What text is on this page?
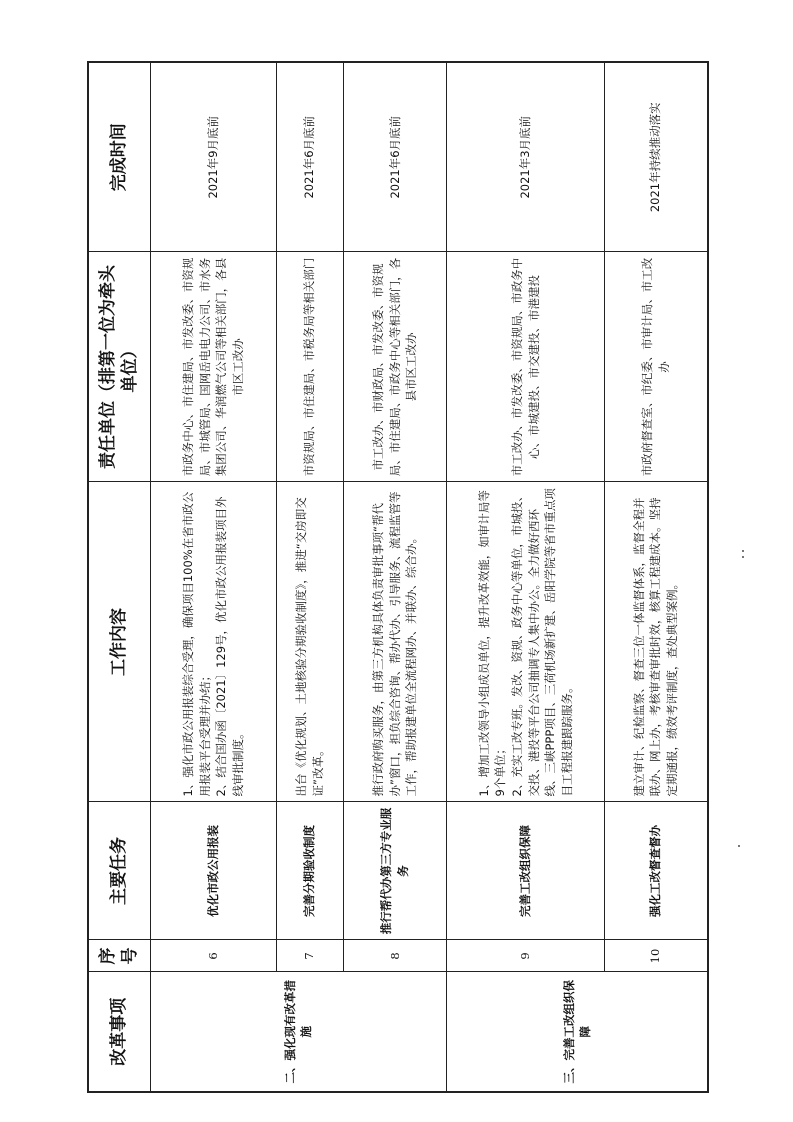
改革事项	序号	主要任务	工作内容	责任单位（排第一位为牵头单位）	完成时间
二、强化现有改革措施	6	优化市政公用报装	1、强化市政公用报装综合受理，确保项目100%在省市政公用报装平台受理并办结； 2、结合国办函〔2021〕129号，优化市政公用报装项目外线审批制度。	市政务中心、市住建局、市发改委、市资规局、市城管局、国网岳电电力公司、市水务集团公司、华润燃气公司等相关部门，各县市区工改办	2021年9月底前
	7	完善分期验收制度	出台《优化规划、土地核验分期验收制度》，推进“交房即交证”改革。	市资规局、市住建局、市税务局等相关部门	2021年6月底前
	8	推行帮代办第三方专业服务	推行政府购买服务，由第三方机构具体负责审批事项“帮代办”窗口，担负综合咨询、帮办代办、引导服务、流程监管等工作，帮助报建单位全流程网办、并联办、综合办。	市工改办、市财政局、市发改委、市资规局、市住建局、市政务中心等相关部门，各县市区工改办	2021年6月底前
三、完善工改组织保障	9	完善工改组织保障	1、增加工改领导小组成员单位，提升改革效能，如审计局等9个单位； 2、充实工改专班。发改、资规、政务中心等单位，市城投、交投、港投等平台公司抽调专人集中办公。全力做好西环线、三峡PPP项目、三荷机场新扩建、岳阳学院等省市重点项目工程报建跟踪服务。	市工改办、市发改委、市资规局、市政务中心、市城建投、市交建投、市港建投	2021年3月底前
	10	强化工改督查督办	建立审计、纪检监察、督查三位一体监督体系，监督全程并联办、网上办，考核审查审批时效，核算工程建成本。坚持定期通报，绩效考评制度，查处典型案例。	市政府督查室、市纪委、市审计局、市工改办	2021年持续推动落实
